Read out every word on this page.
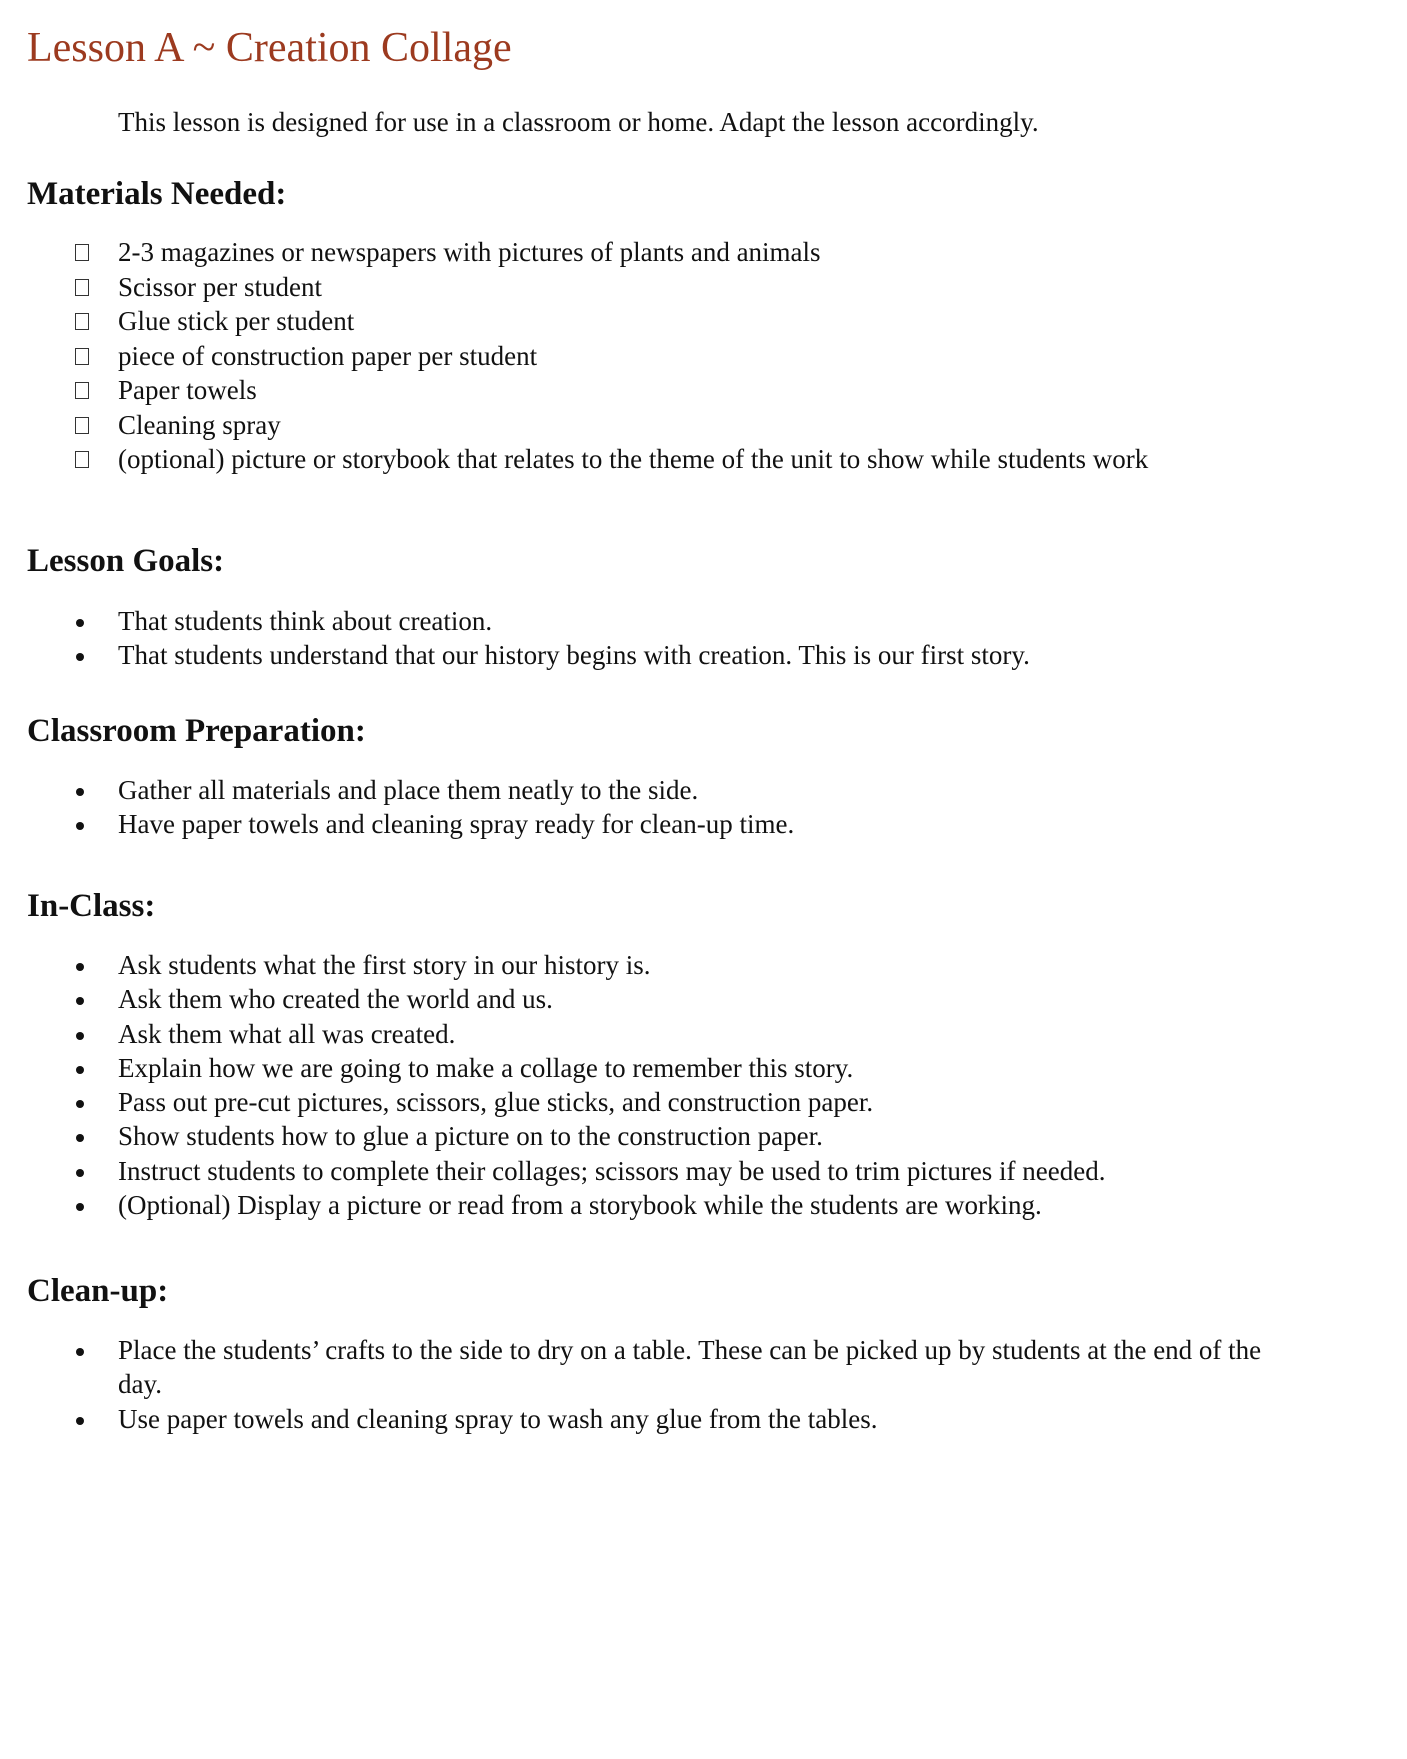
Lesson A ~ Creation Collage

This lesson is designed for use in a classroom or home. Adapt the lesson accordingly.

Materials Needed:
2-3 magazines or newspapers with pictures of plants and animals
Scissor per student
Glue stick per student
piece of construction paper per student
Paper towels
Cleaning spray
(optional) picture or storybook that relates to the theme of the unit to show while students work
Lesson Goals:
That students think about creation.
That students understand that our history begins with creation. This is our first story.
Classroom Preparation:
Gather all materials and place them neatly to the side.
Have paper towels and cleaning spray ready for clean-up time.
In-Class:
Ask students what the first story in our history is.
Ask them who created the world and us.
Ask them what all was created.
Explain how we are going to make a collage to remember this story.
Pass out pre-cut pictures, scissors, glue sticks, and construction paper.
Show students how to glue a picture on to the construction paper.
Instruct students to complete their collages; scissors may be used to trim pictures if needed.
(Optional) Display a picture or read from a storybook while the students are working.
Clean-up:
Place the students’ crafts to the side to dry on a table. These can be picked up by students at the end of the day.
Use paper towels and cleaning spray to wash any glue from the tables.
